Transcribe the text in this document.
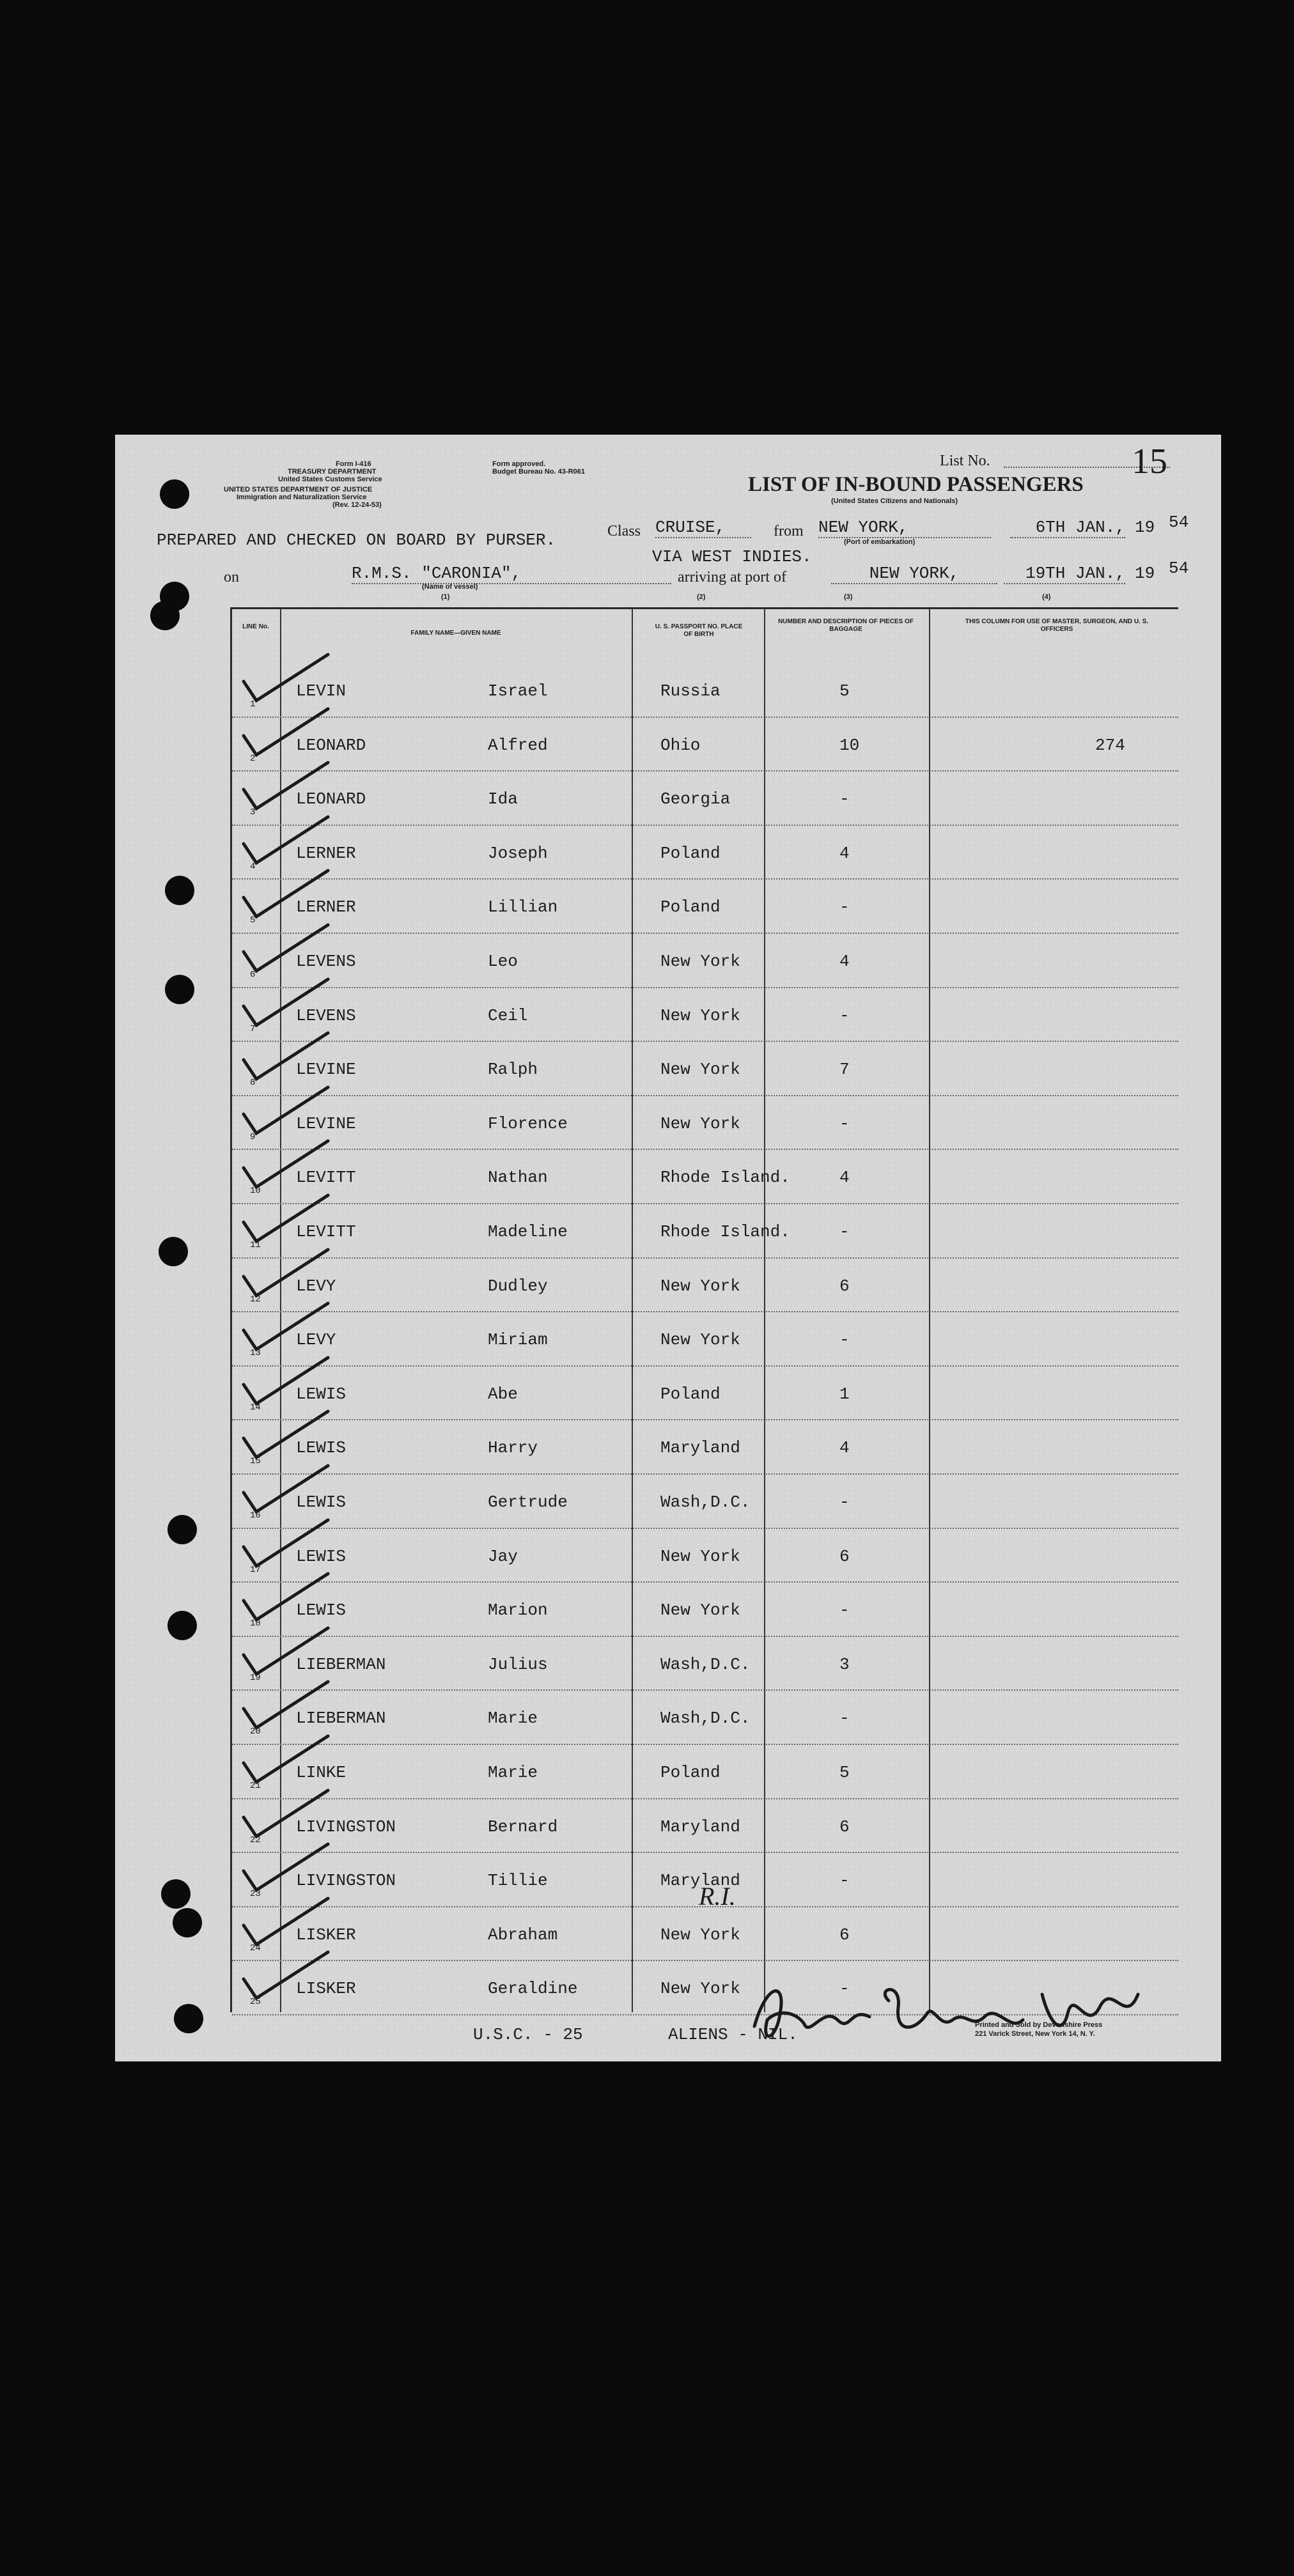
Form I-416
TREASURY DEPARTMENT
United States Customs Service
UNITED STATES DEPARTMENT OF JUSTICE
Immigration and Naturalization Service
(Rev. 12-24-53)
Form approved.
Budget Bureau No. 43-R061
LIST OF IN-BOUND PASSENGERS
(United States Citizens and Nationals)
List No.	15
PREPARED AND CHECKED ON BOARD BY PURSER.	Class CRUISE,	from NEW YORK,
(Port of embarkation)
6TH JAN., 19 54
VIA WEST INDIES.
on	R.M.S. "CARONIA",
(Name of vessel)
arriving at port of	NEW YORK,	19TH JAN., 19 54
(1)	(2)	(3)	(4)
LINE No.
FAMILY NAME—GIVEN NAME
U. S. PASSPORT NO. PLACE OF BIRTH
NUMBER AND DESCRIPTION OF PIECES OF BAGGAGE
THIS COLUMN FOR USE OF MASTER, SURGEON, AND U. S. OFFICERS
1
LEVIN	Israel	Russia	5
2
LEONARD	Alfred	Ohio	10	274
3
LEONARD	Ida	Georgia	-
4
LERNER	Joseph	Poland	4
5
LERNER	Lillian	Poland	-
6
LEVENS	Leo	New York	4
7
LEVENS	Ceil	New York	-
8
LEVINE	Ralph	New York	7
9
LEVINE	Florence	New York	-
10
LEVITT	Nathan	Rhode Island.	4
11
LEVITT	Madeline	Rhode Island.	-
12
LEVY	Dudley	New York	6
13
LEVY	Miriam	New York	-
14
LEWIS	Abe	Poland	1
15
LEWIS	Harry	Maryland	4
16
LEWIS	Gertrude	Wash,D.C.	-
17
LEWIS	Jay	New York	6
18
LEWIS	Marion	New York	-
19
LIEBERMAN	Julius	Wash,D.C.	3
20
LIEBERMAN	Marie	Wash,D.C.	-
21
LINKE	Marie	Poland	5
22
LIVINGSTON	Bernard	Maryland	6
23
LIVINGSTON	Tillie	Maryland	-
24
LISKER	Abraham	New York	6
25
LISKER	Geraldine	New York	-
R.I.
U.S.C. - 25	ALIENS - NIL.	Printed and Sold by Devonshire Press
221 Varick Street, New York 14, N. Y.
